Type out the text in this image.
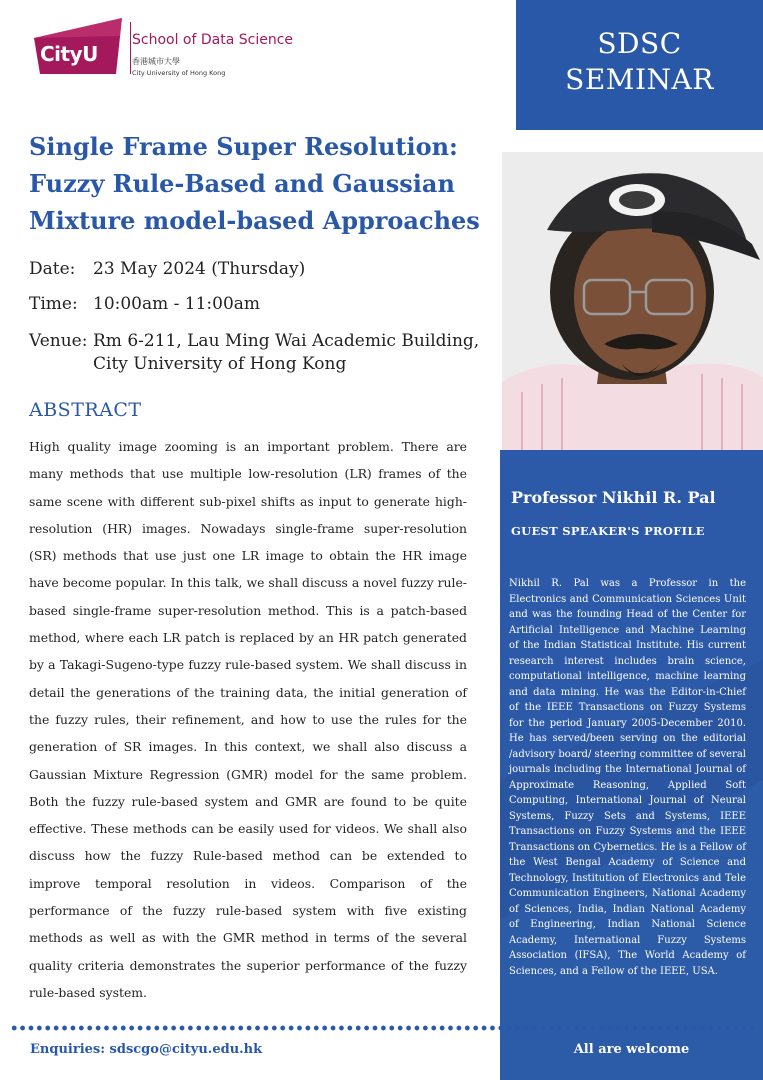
CityU
School of Data Science
香港城市大學
City University of Hong Kong
Single Frame Super Resolution:
Fuzzy Rule-Based and Gaussian
Mixture model-based Approaches
Date: 23 May 2024 (Thursday)
Time: 10:00am - 11:00am
Venue: Rm 6-211, Lau Ming Wai Academic Building,
City University of Hong Kong
ABSTRACT
High quality image zooming is an important problem. There are many methods that use multiple low-resolution (LR) frames of the same scene with different sub-pixel shifts as input to generate high-resolution (HR) images. Nowadays single-frame super-resolution (SR) methods that use just one LR image to obtain the HR image have become popular. In this talk, we shall discuss a novel fuzzy rule-based single-frame super-resolution method. This is a patch-based method, where each LR patch is replaced by an HR patch generated by a Takagi-Sugeno-type fuzzy rule-based system. We shall discuss in detail the generations of the training data, the initial generation of the fuzzy rules, their refinement, and how to use the rules for the generation of SR images. In this context, we shall also discuss a Gaussian Mixture Regression (GMR) model for the same problem. Both the fuzzy rule-based system and GMR are found to be quite effective. These methods can be easily used for videos. We shall also discuss how the fuzzy Rule-based method can be extended to improve temporal resolution in videos. Comparison of the performance of the fuzzy rule-based system with five existing methods as well as with the GMR method in terms of the several quality criteria demonstrates the superior performance of the fuzzy rule-based system.
SDSC
SEMINAR
Professor Nikhil R. Pal
GUEST SPEAKER'S PROFILE
Nikhil R. Pal was a Professor in the Electronics and Communication Sciences Unit and was the founding Head of the Center for Artificial Intelligence and Machine Learning of the Indian Statistical Institute. His current research interest includes brain science, computational intelligence, machine learning and data mining. He was the Editor-in-Chief of the IEEE Transactions on Fuzzy Systems for the period January 2005-December 2010. He has served/been serving on the editorial /advisory board/ steering committee of several journals including the International Journal of Approximate Reasoning, Applied Soft Computing, International Journal of Neural Systems, Fuzzy Sets and Systems, IEEE Transactions on Fuzzy Systems and the IEEE Transactions on Cybernetics. He is a Fellow of the West Bengal Academy of Science and Technology, Institution of Electronics and Tele Communication Engineers, National Academy of Sciences, India, Indian National Academy of Engineering, Indian National Science Academy, International Fuzzy Systems Association (IFSA), The World Academy of Sciences, and a Fellow of the IEEE, USA.
All are welcome
Enquiries: sdscgo@cityu.edu.hk
